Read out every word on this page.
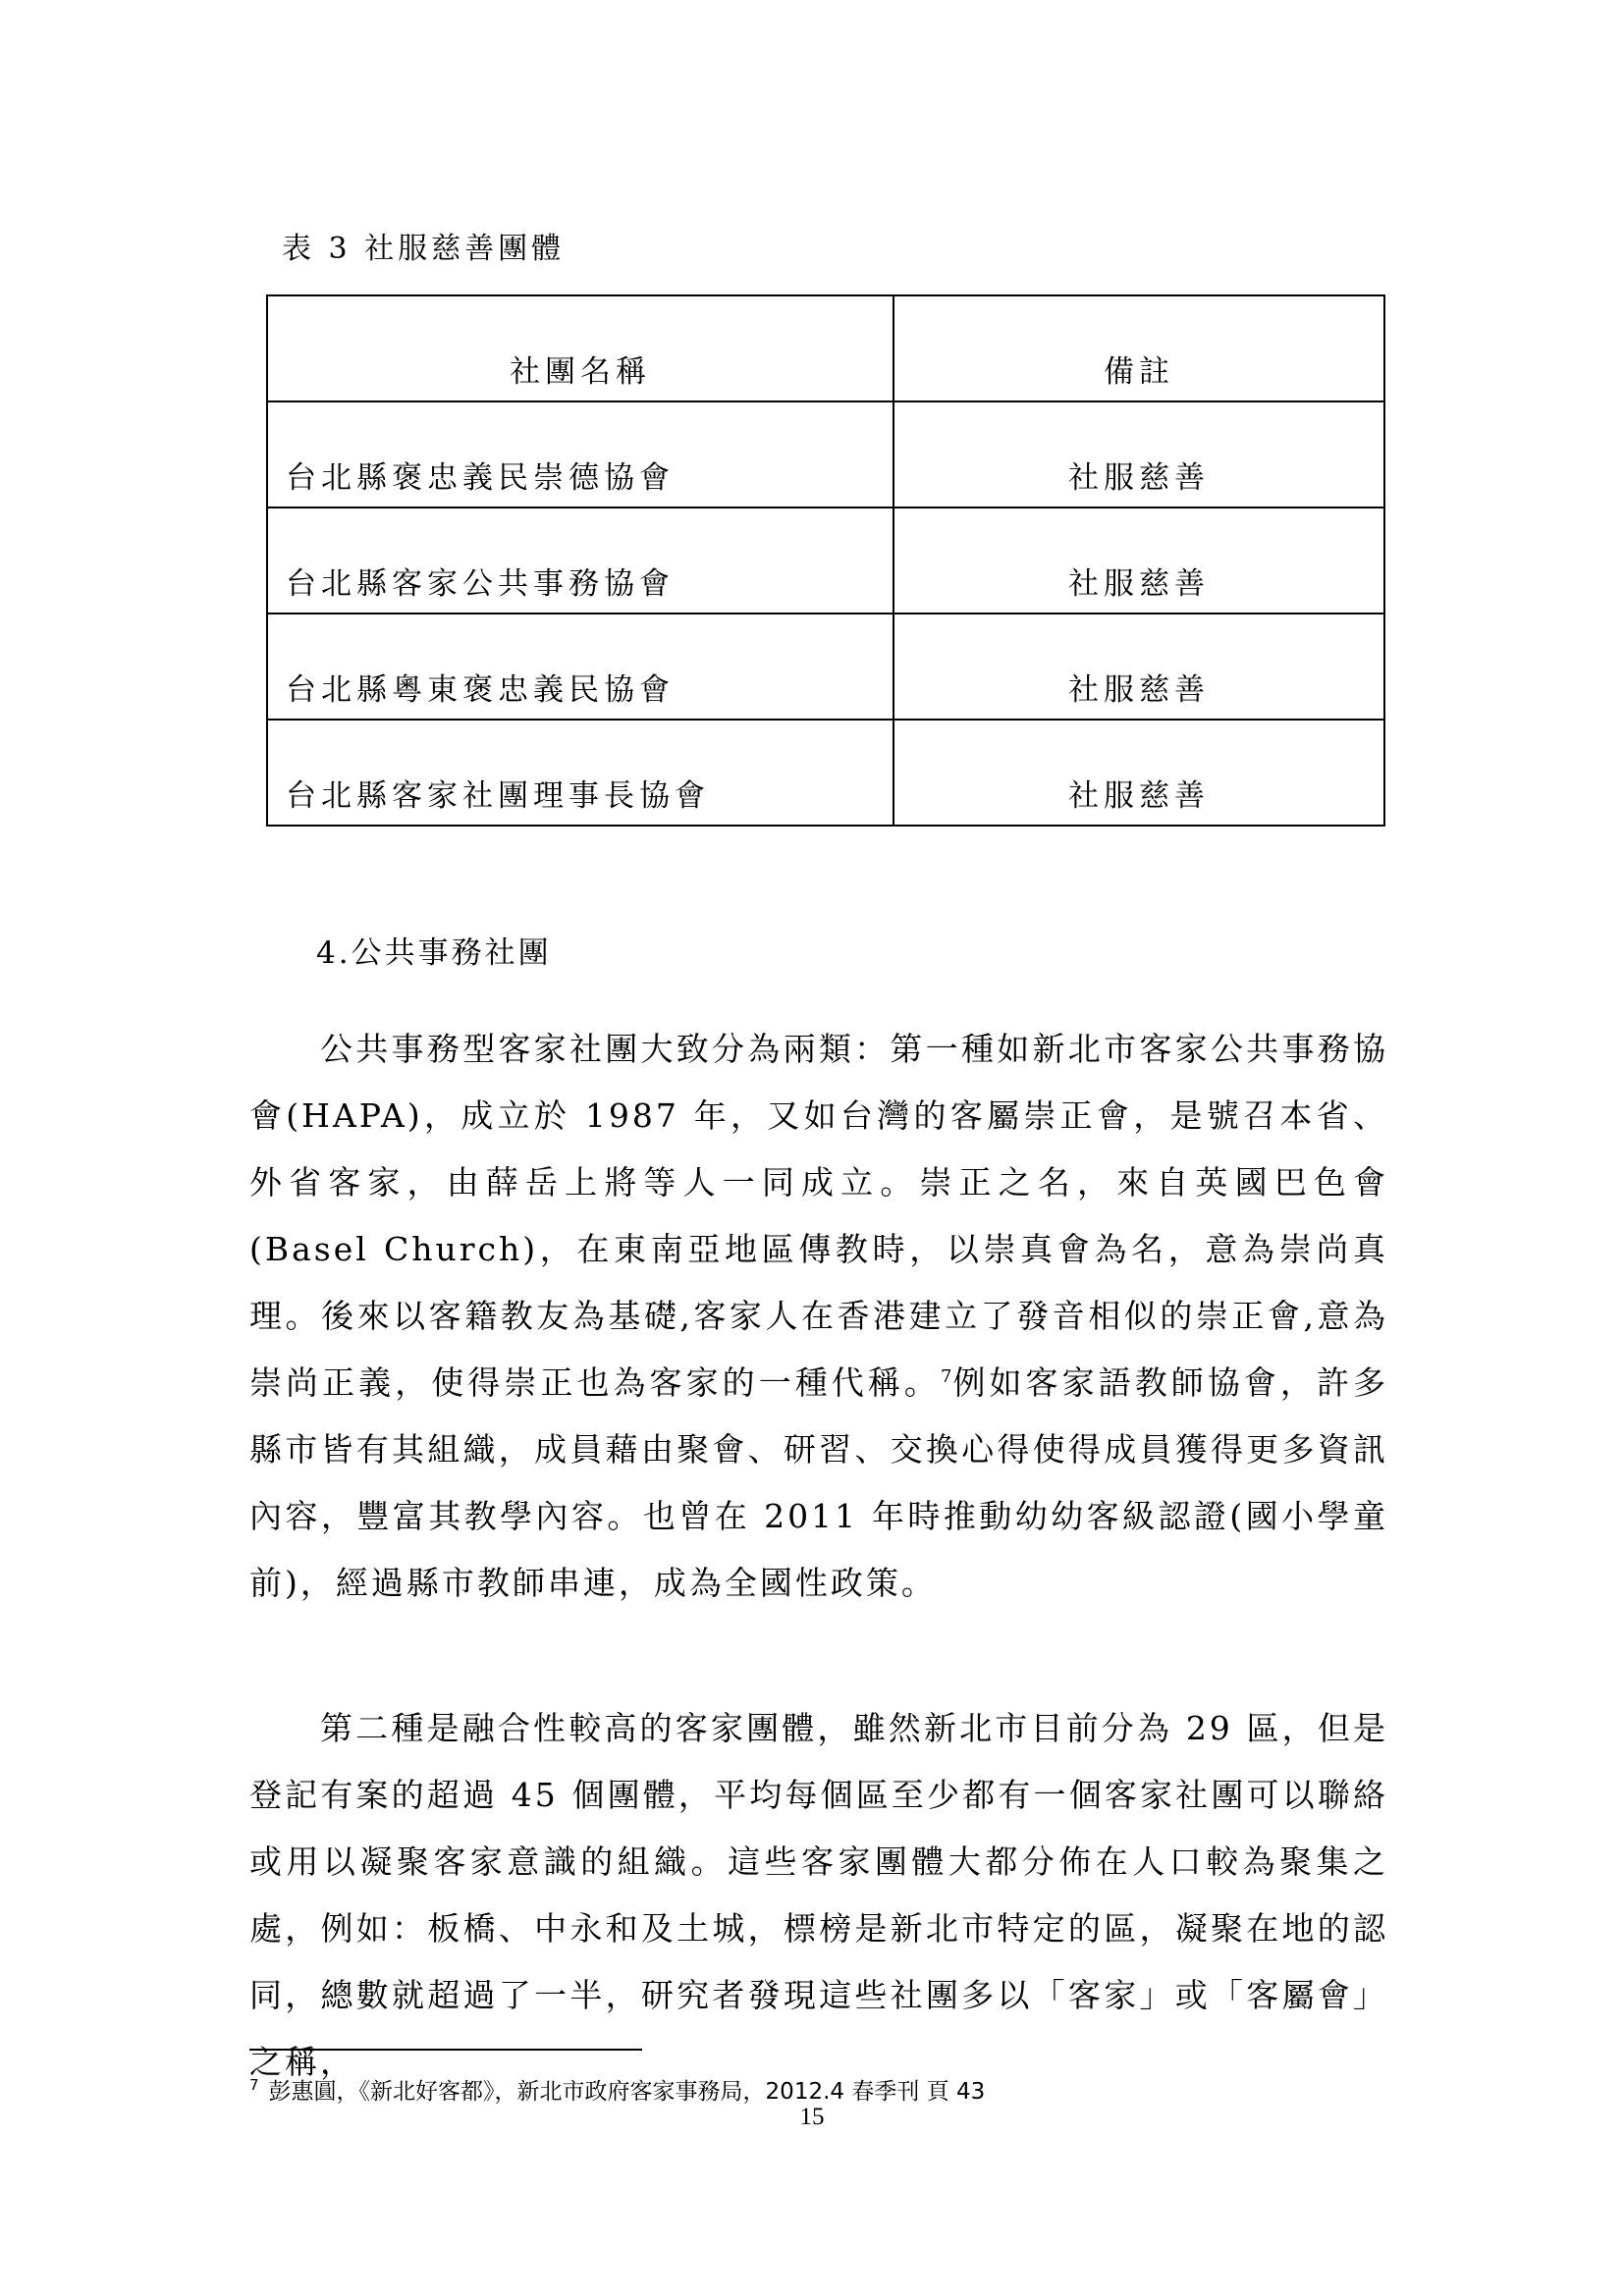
表 3 社服慈善團體
社團名稱	備註
台北縣褒忠義民崇德協會	社服慈善
台北縣客家公共事務協會	社服慈善
台北縣粵東褒忠義民協會	社服慈善
台北縣客家社團理事長協會	社服慈善
4.公共事務社團

公共事務型客家社團大致分為兩類：第一種如新北市客家公共事務協會(HAPA)，成立於 1987 年，又如台灣的客屬崇正會，是號召本省、外省客家，由薛岳上將等人一同成立。崇正之名，來自英國巴色會(Basel Church)，在東南亞地區傳教時，以崇真會為名，意為崇尚真理。後來以客籍教友為基礎,客家人在香港建立了發音相似的崇正會,意為崇尚正義，使得崇正也為客家的一種代稱。$^7$例如客家語教師協會，許多縣市皆有其組織，成員藉由聚會、研習、交換心得使得成員獲得更多資訊內容，豐富其教學內容。也曾在 2011 年時推動幼幼客級認證(國小學童前)，經過縣市教師串連，成為全國性政策。

第二種是融合性較高的客家團體，雖然新北市目前分為 29 區，但是登記有案的超過 45 個團體，平均每個區至少都有一個客家社團可以聯絡或用以凝聚客家意識的組織。這些客家團體大都分佈在人口較為聚集之處，例如：板橋、中永和及土城，標榜是新北市特定的區，凝聚在地的認同，總數就超過了一半，研究者發現這些社團多以「客家」或「客屬會」之稱，

$^7$ 彭惠圓，《新北好客都》，新北市政府客家事務局，2012.4 春季刊 頁 43
15
